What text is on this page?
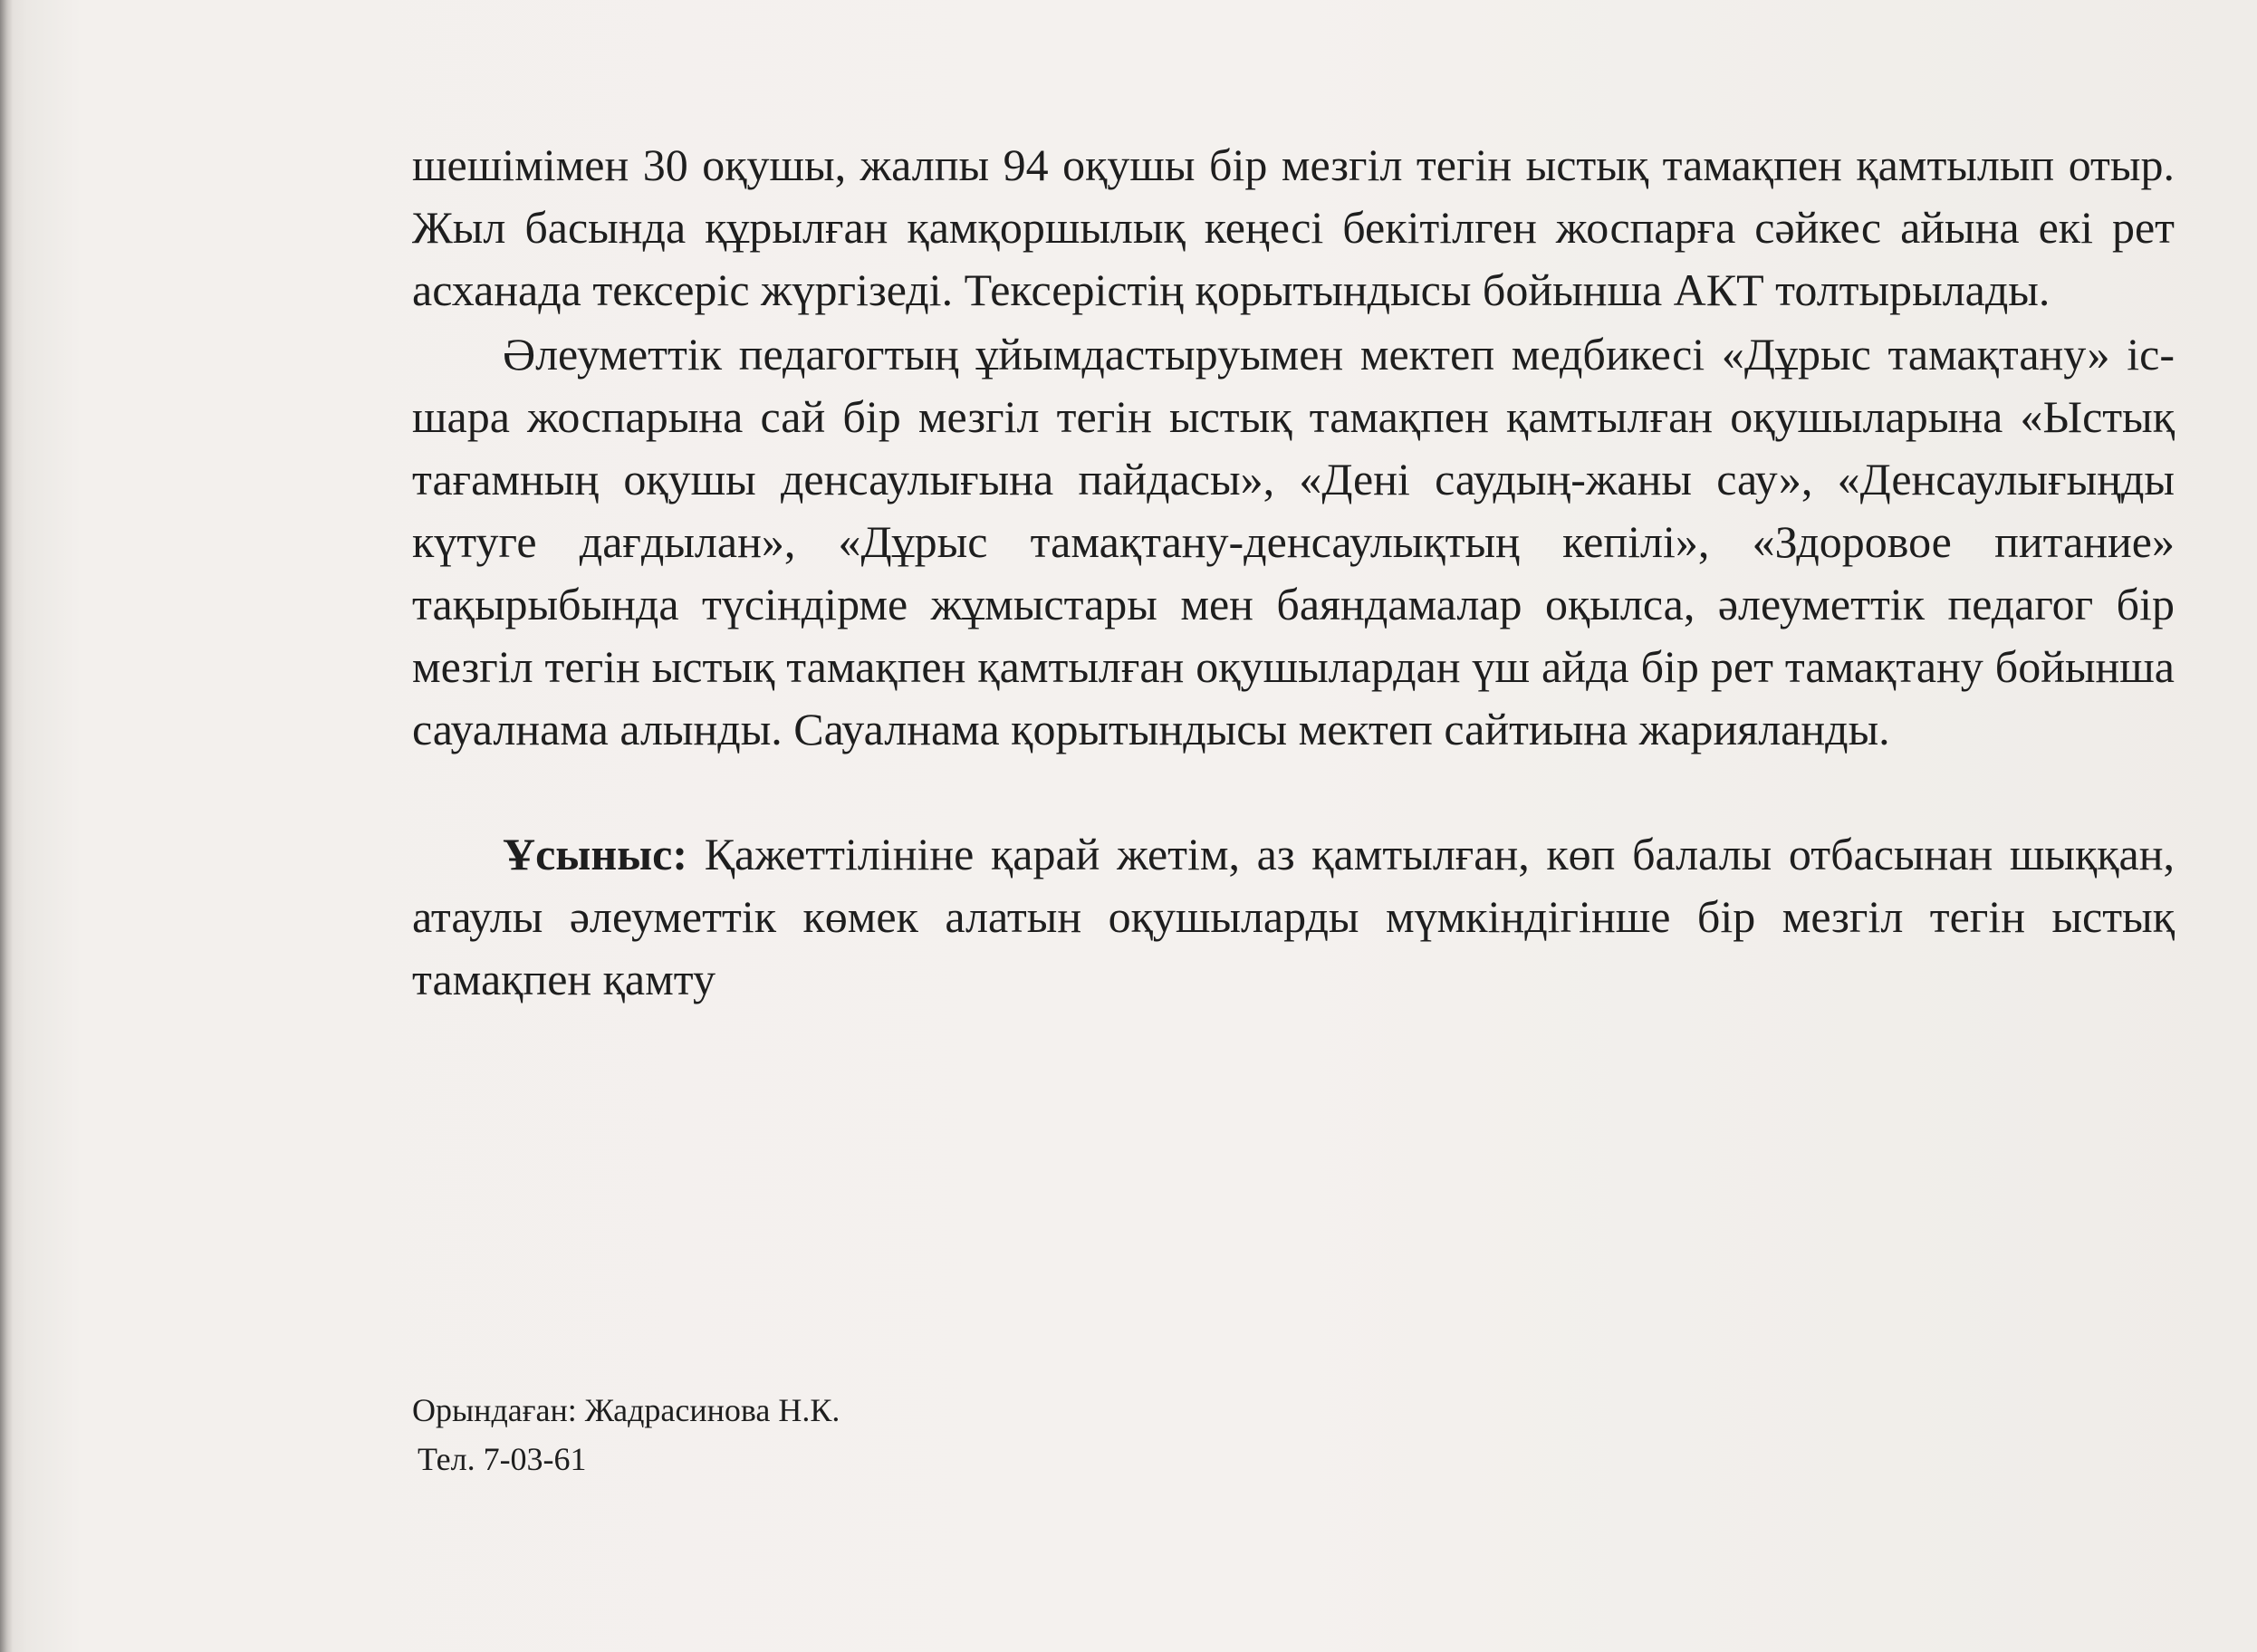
шешімімен 30 оқушы, жалпы 94 оқушы бір мезгіл тегін ыстық тамақпен қамтылып отыр. Жыл басында құрылған қамқоршылық кеңесі бекітілген жоспарға сәйкес айына екі рет асханада тексеріс жүргізеді. Тексерістің қорытындысы бойынша АКТ толтырылады.

Әлеуметтік педагогтың ұйымдастыруымен мектеп медбикесі «Дұрыс тамақтану» іс-шара жоспарына сай бір мезгіл тегін ыстық тамақпен қамтылған оқушыларына «Ыстық тағамның оқушы денсаулығына пайдасы», «Дені саудың-жаны сау», «Денсаулығыңды күтуге дағдылан», «Дұрыс тамақтану-денсаулықтың кепілі», «Здоровое питание» тақырыбында түсіндірме жұмыстары мен баяндамалар оқылса, әлеуметтік педагог бір мезгіл тегін ыстық тамақпен қамтылған оқушылардан үш айда бір рет тамақтану бойынша сауалнама алынды. Сауалнама қорытындысы мектеп сайтиына жарияланды.

Ұсыныс: Қажеттілініне қарай жетім, аз қамтылған, көп балалы отбасынан шыққан, атаулы әлеуметтік көмек алатын оқушыларды мүмкіндігінше бір мезгіл тегін ыстық тамақпен қамту

Орындаған: Жадрасинова Н.К.
Тел. 7-03-61
